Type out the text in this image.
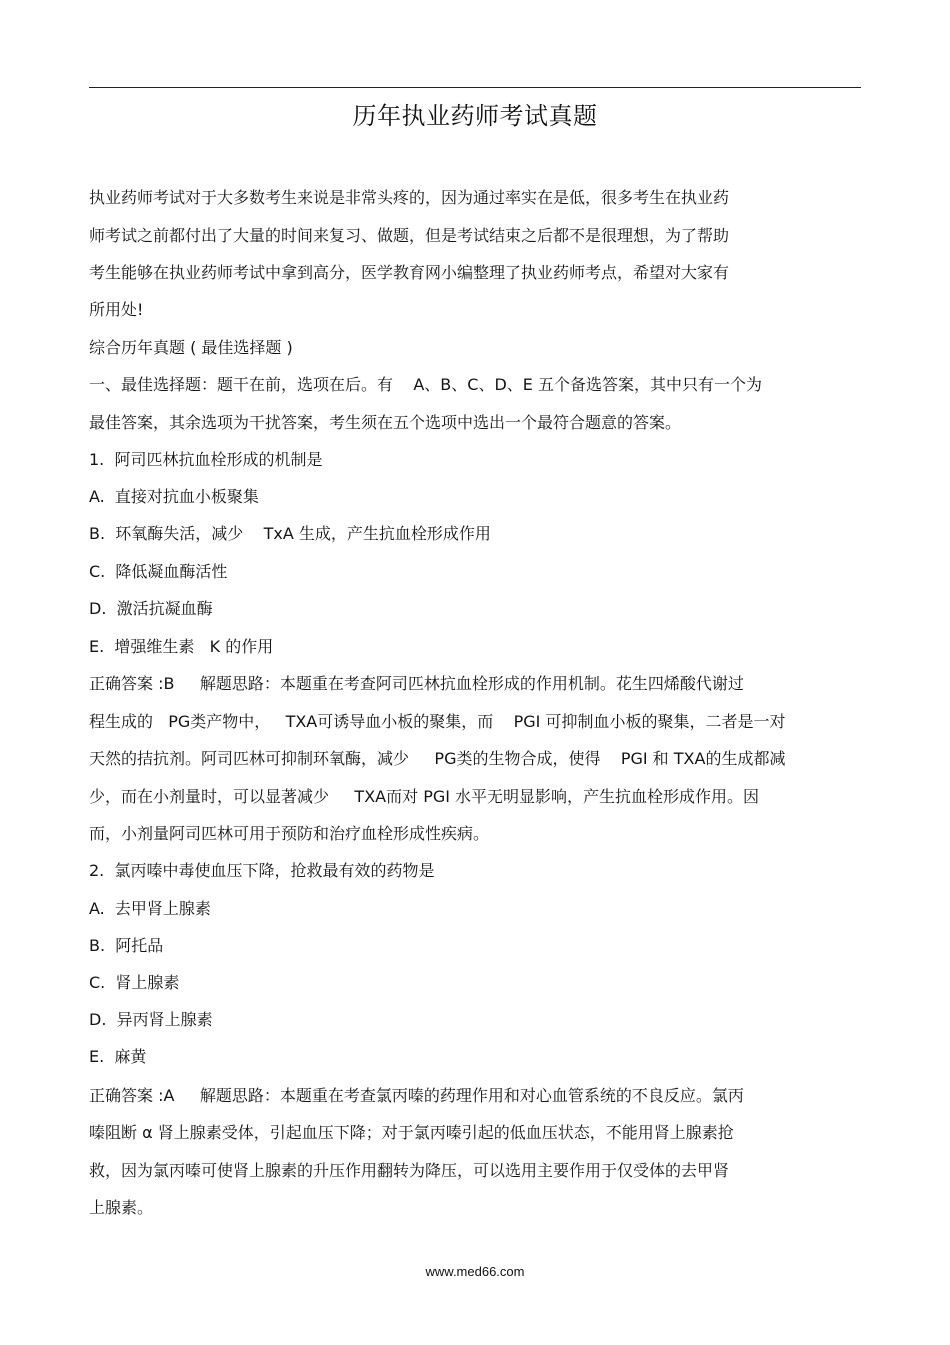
历年执业药师考试真题
执业药师考试对于大多数考生来说是非常头疼的，因为通过率实在是低，很多考生在执业药
师考试之前都付出了大量的时间来复习、做题，但是考试结束之后都不是很理想，为了帮助
考生能够在执业药师考试中拿到高分，医学教育网小编整理了执业药师考点，希望对大家有
所用处!
综合历年真题 ( 最佳选择题 )
一、最佳选择题：题干在前，选项在后。有    A、B、C、D、E 五个备选答案，其中只有一个为
最佳答案，其余选项为干扰答案，考生须在五个选项中选出一个最符合题意的答案。
1.  阿司匹林抗血栓形成的机制是
A.  直接对抗血小板聚集
B.  环氧酶失活，减少    TxA 生成，产生抗血栓形成作用
C.  降低凝血酶活性
D.  激活抗凝血酶
E.  增强维生素   K 的作用
正确答案 :B     解题思路：本题重在考查阿司匹林抗血栓形成的作用机制。花生四烯酸代谢过
程生成的   PG类产物中，   TXA可诱导血小板的聚集，而    PGI 可抑制血小板的聚集，二者是一对
天然的拮抗剂。阿司匹林可抑制环氧酶，减少     PG类的生物合成，使得    PGI 和 TXA的生成都减
少，而在小剂量时，可以显著减少     TXA而对 PGI 水平无明显影响，产生抗血栓形成作用。因
而，小剂量阿司匹林可用于预防和治疗血栓形成性疾病。
2.  氯丙嗪中毒使血压下降，抢救最有效的药物是
A.  去甲肾上腺素
B.  阿托品
C.  肾上腺素
D.  异丙肾上腺素
E.  麻黄
正确答案 :A     解题思路：本题重在考查氯丙嗪的药理作用和对心血管系统的不良反应。氯丙
嗪阻断 α 肾上腺素受体，引起血压下降；对于氯丙嗪引起的低血压状态，不能用肾上腺素抢
救，因为氯丙嗪可使肾上腺素的升压作用翻转为降压，可以选用主要作用于仅受体的去甲肾
上腺素。
www.med66.com
